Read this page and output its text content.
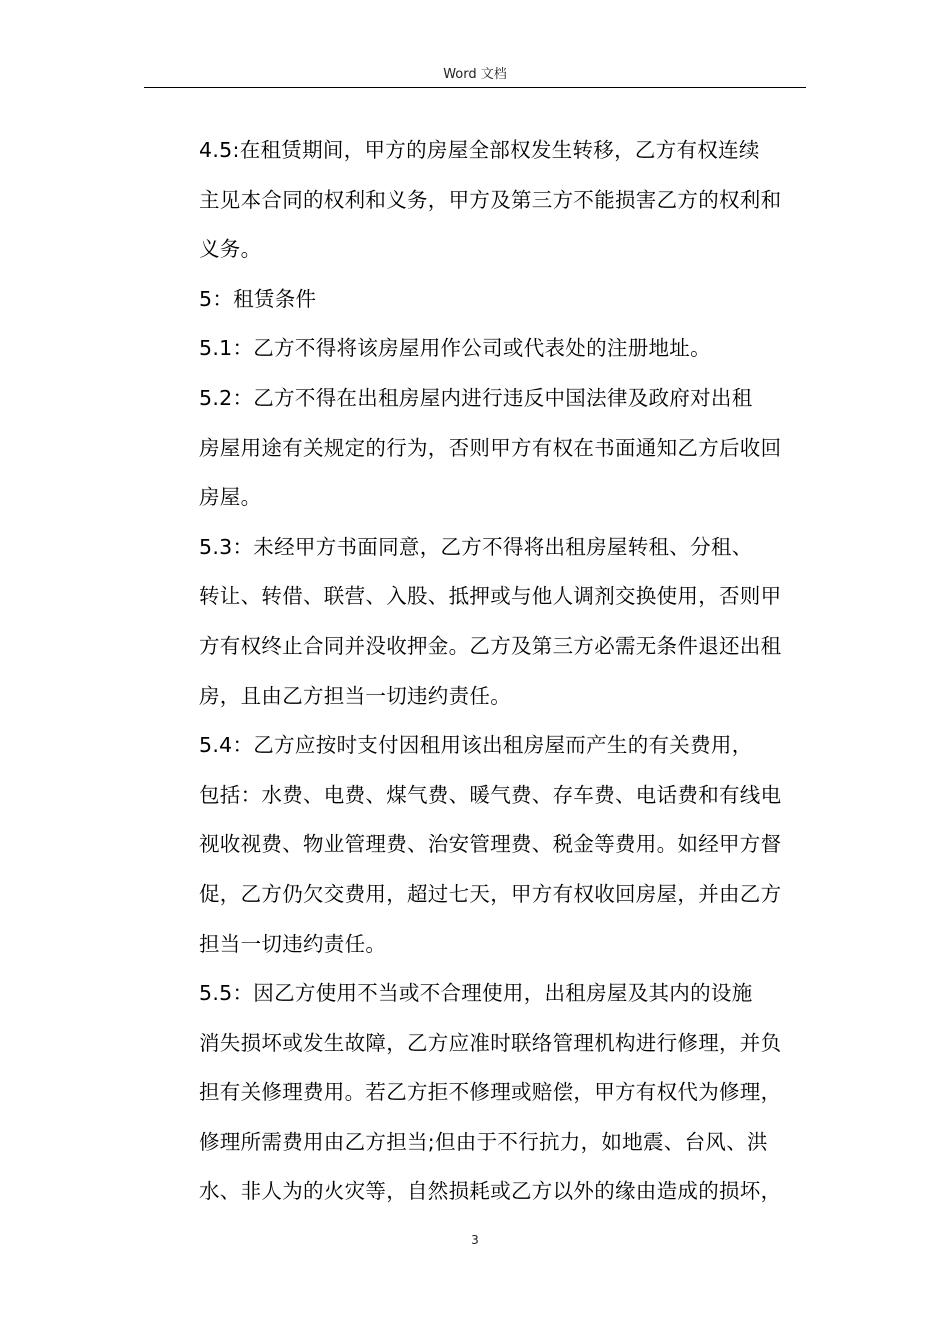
Word 文档

4.5:在租赁期间，甲方的房屋全部权发生转移，乙方有权连续
主见本合同的权利和义务，甲方及第三方不能损害乙方的权利和
义务。

5：租赁条件

5.1：乙方不得将该房屋用作公司或代表处的注册地址。

5.2：乙方不得在出租房屋内进行违反中国法律及政府对出租
房屋用途有关规定的行为，否则甲方有权在书面通知乙方后收回
房屋。

5.3：未经甲方书面同意，乙方不得将出租房屋转租、分租、
转让、转借、联营、入股、抵押或与他人调剂交换使用，否则甲
方有权终止合同并没收押金。乙方及第三方必需无条件退还出租
房，且由乙方担当一切违约责任。

5.4：乙方应按时支付因租用该出租房屋而产生的有关费用，
包括：水费、电费、煤气费、暖气费、存车费、电话费和有线电
视收视费、物业管理费、治安管理费、税金等费用。如经甲方督
促，乙方仍欠交费用，超过七天，甲方有权收回房屋，并由乙方
担当一切违约责任。

5.5：因乙方使用不当或不合理使用，出租房屋及其内的设施
消失损坏或发生故障，乙方应准时联络管理机构进行修理，并负
担有关修理费用。若乙方拒不修理或赔偿，甲方有权代为修理，
修理所需费用由乙方担当;但由于不行抗力，如地震、台风、洪
水、非人为的火灾等，自然损耗或乙方以外的缘由造成的损坏，

3
